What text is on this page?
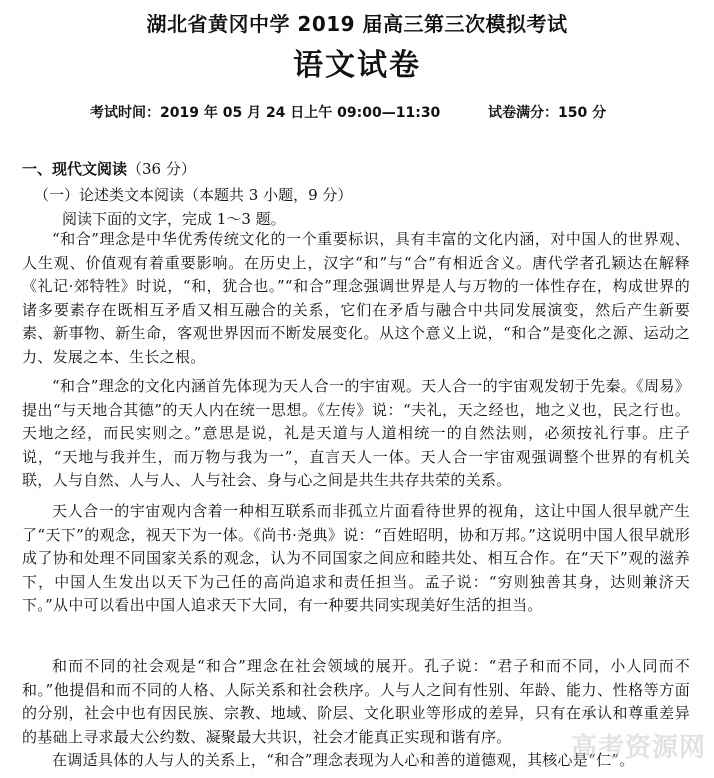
湖北省黄冈中学 2019 届高三第三次模拟考试
语文试卷
考试时间：2019 年 05 月 24 日上午 09:00—11:30	试卷满分：150 分
一、现代文阅读（36 分）
（一）论述类文本阅读（本题共 3 小题，9 分）
阅读下面的文字，完成 1～3 题。

“和合”理念是中华优秀传统文化的一个重要标识，具有丰富的文化内涵，对中国人的世界观、人生观、价值观有着重要影响。在历史上，汉字“和”与“合”有相近含义。唐代学者孔颖达在解释《礼记·郊特牲》时说，“和，犹合也。”“和合”理念强调世界是人与万物的一体性存在，构成世界的诸多要素存在既相互矛盾又相互融合的关系，它们在矛盾与融合中共同发展演变，然后产生新要素、新事物、新生命，客观世界因而不断发展变化。从这个意义上说，“和合”是变化之源、运动之力、发展之本、生长之根。

“和合”理念的文化内涵首先体现为天人合一的宇宙观。天人合一的宇宙观发轫于先秦。《周易》提出“与天地合其德”的天人内在统一思想。《左传》说：“夫礼，天之经也，地之义也，民之行也。天地之经，而民实则之。”意思是说，礼是天道与人道相统一的自然法则，必须按礼行事。庄子说，“天地与我并生，而万物与我为一”，直言天人一体。天人合一宇宙观强调整个世界的有机关联，人与自然、人与人、人与社会、身与心之间是共生共存共荣的关系。

天人合一的宇宙观内含着一种相互联系而非孤立片面看待世界的视角，这让中国人很早就产生了“天下”的观念，视天下为一体。《尚书·尧典》说：“百姓昭明，协和万邦。”这说明中国人很早就形成了协和处理不同国家关系的观念，认为不同国家之间应和睦共处、相互合作。在“天下”观的滋养下，中国人生发出以天下为己任的高尚追求和责任担当。孟子说：“穷则独善其身，达则兼济天下。”从中可以看出中国人追求天下大同，有一种要共同实现美好生活的担当。

和而不同的社会观是“和合”理念在社会领域的展开。孔子说：“君子和而不同，小人同而不和。”他提倡和而不同的人格、人际关系和社会秩序。人与人之间有性别、年龄、能力、性格等方面的分别，社会中也有因民族、宗教、地域、阶层、文化职业等形成的差异，只有在承认和尊重差异的基础上寻求最大公约数、凝聚最大共识，社会才能真正实现和谐有序。

在调适具体的人与人的关系上，“和合”理念表现为人心和善的道德观，其核心是“仁”。

高考资源网
